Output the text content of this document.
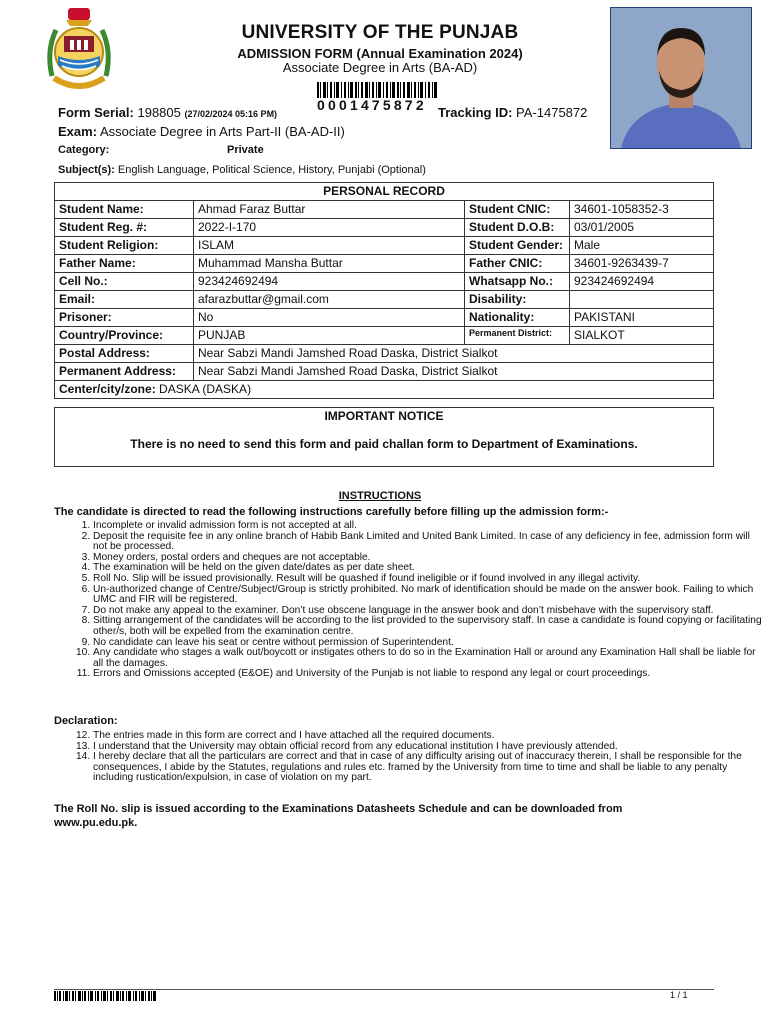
UNIVERSITY OF THE PUNJAB
ADMISSION FORM (Annual Examination 2024)
Associate Degree in Arts (BA-AD)
0001475872
Form Serial: 198805 (27/02/2024 05:16 PM)	Tracking ID: PA-1475872
Exam: Associate Degree in Arts Part-II (BA-AD-II)
Category:	Private
Subject(s): English Language, Political Science, History, Punjabi (Optional)
PERSONAL RECORD			
Student Name:	Ahmad Faraz Buttar	Student CNIC:	34601-1058352-3
Student Reg. #:	2022-I-170	Student D.O.B:	03/01/2005
Student Religion:	ISLAM	Student Gender:	Male
Father Name:	Muhammad Mansha Buttar	Father CNIC:	34601-9263439-7
Cell No.:	923424692494	Whatsapp No.:	923424692494
Email:	afarazbuttar@gmail.com	Disability:	
Prisoner:	No	Nationality:	PAKISTANI
Country/Province:	PUNJAB	Permanent District:	SIALKOT
Postal Address:	Near Sabzi Mandi Jamshed Road Daska, District Sialkot		
Permanent Address:	Near Sabzi Mandi Jamshed Road Daska, District Sialkot		
Center/city/zone: DASKA (DASKA)			
IMPORTANT NOTICE
There is no need to send this form and paid challan form to Department of Examinations.
INSTRUCTIONS
The candidate is directed to read the following instructions carefully before filling up the admission form:-
1. Incomplete or invalid admission form is not accepted at all.
2. Deposit the requisite fee in any online branch of Habib Bank Limited and United Bank Limited. In case of any deficiency in fee, admission form will not be processed.
3. Money orders, postal orders and cheques are not acceptable.
4. The examination will be held on the given date/dates as per date sheet.
5. Roll No. Slip will be issued provisionally. Result will be quashed if found ineligible or if found involved in any illegal activity.
6. Un-authorized change of Centre/Subject/Group is strictly prohibited. No mark of identification should be made on the answer book. Failing to which UMC and FIR will be registered.
7. Do not make any appeal to the examiner. Don’t use obscene language in the answer book and don’t misbehave with the supervisory staff.
8. Sitting arrangement of the candidates will be according to the list provided to the supervisory staff. In case a candidate is found copying or facilitating other/s, both will be expelled from the examination centre.
9. No candidate can leave his seat or centre without permission of Superintendent.
10. Any candidate who stages a walk out/boycott or instigates others to do so in the Examination Hall or around any Examination Hall shall be liable for all the damages.
11. Errors and Omissions accepted (E&OE) and University of the Punjab is not liable to respond any legal or court proceedings.
Declaration:
12. The entries made in this form are correct and I have attached all the required documents.
13. I understand that the University may obtain official record from any educational institution I have previously attended.
14. I hereby declare that all the particulars are correct and that in case of any difficulty arising out of inaccuracy therein, I shall be responsible for the consequences, I abide by the Statutes, regulations and rules etc. framed by the University from time to time and shall be liable to any penalty including rustication/expulsion, in case of violation on my part.
The Roll No. slip is issued according to the Examinations Datasheets Schedule and can be downloaded from www.pu.edu.pk.
1 / 1
